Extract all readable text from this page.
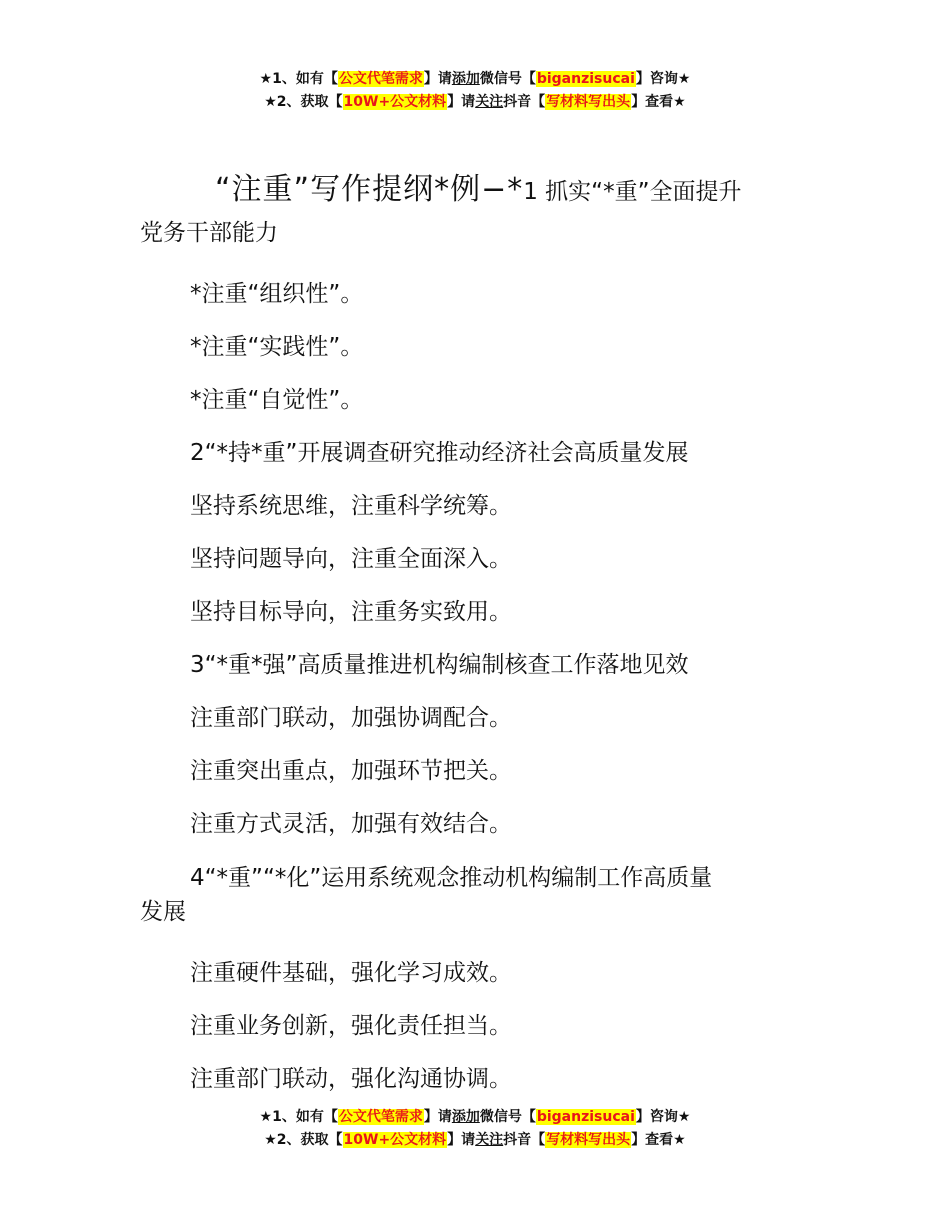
★1、如有【公文代笔需求】请添加微信号【biganzisucai】咨询★
★2、获取【10W+公文材料】请关注抖音【写材料写出头】查看★

“注重”写作提纲*例−*1 抓实“*重”全面提升

党务干部能力

*注重“组织性”。

*注重“实践性”。

*注重“自觉性”。

2“*持*重”开展调查研究推动经济社会高质量发展

坚持系统思维，注重科学统筹。

坚持问题导向，注重全面深入。

坚持目标导向，注重务实致用。

3“*重*强”高质量推进机构编制核查工作落地见效

注重部门联动，加强协调配合。

注重突出重点，加强环节把关。

注重方式灵活，加强有效结合。

4“*重”“*化”运用系统观念推动机构编制工作高质量

发展

注重硬件基础，强化学习成效。

注重业务创新，强化责任担当。

注重部门联动，强化沟通协调。

★1、如有【公文代笔需求】请添加微信号【biganzisucai】咨询★
★2、获取【10W+公文材料】请关注抖音【写材料写出头】查看★
